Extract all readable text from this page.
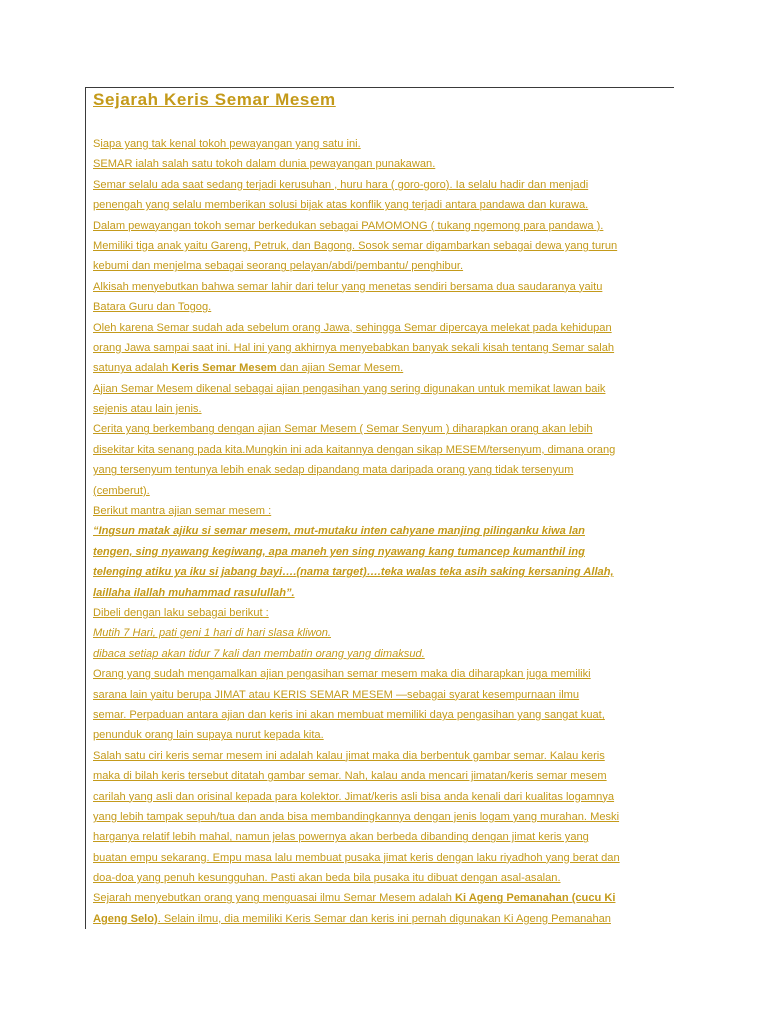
Sejarah Keris Semar Mesem
Siapa yang tak kenal tokoh pewayangan yang satu ini.
SEMAR ialah salah satu tokoh dalam dunia pewayangan punakawan.
Semar selalu ada saat sedang terjadi kerusuhan , huru hara ( goro-goro). Ia selalu hadir dan menjadi
penengah yang selalu memberikan solusi bijak atas konflik yang terjadi antara pandawa dan kurawa.
Dalam pewayangan tokoh semar berkedukan sebagai PAMOMONG ( tukang ngemong para pandawa ).
Memiliki tiga anak yaitu Gareng, Petruk, dan Bagong. Sosok semar digambarkan sebagai dewa yang turun
kebumi dan menjelma sebagai seorang pelayan/abdi/pembantu/ penghibur.
Alkisah menyebutkan bahwa semar lahir dari telur yang menetas sendiri bersama dua saudaranya yaitu
Batara Guru dan Togog.
Oleh karena Semar sudah ada sebelum orang Jawa, sehingga Semar dipercaya melekat pada kehidupan
orang Jawa sampai saat ini. Hal ini yang akhirnya menyebabkan banyak sekali kisah tentang Semar salah
satunya adalah Keris Semar Mesem dan ajian Semar Mesem.
Ajian Semar Mesem dikenal sebagai ajian pengasihan yang sering digunakan untuk memikat lawan baik
sejenis atau lain jenis.
Cerita yang berkembang dengan ajian Semar Mesem ( Semar Senyum ) diharapkan orang akan lebih
disekitar kita senang pada kita.Mungkin ini ada kaitannya dengan sikap MESEM/tersenyum, dimana orang
yang tersenyum tentunya lebih enak sedap dipandang mata daripada orang yang tidak tersenyum
(cemberut).
Berikut mantra ajian semar mesem :
“Ingsun matak ajiku si semar mesem, mut-mutaku inten cahyane manjing pilinganku kiwa lan
tengen, sing nyawang kegiwang, apa maneh yen sing nyawang kang tumancep kumanthil ing
telenging atiku ya iku si jabang bayi….(nama target)….teka walas teka asih saking kersaning Allah,
laillaha ilallah muhammad rasulullah”.
Dibeli dengan laku sebagai berikut :
Mutih 7 Hari, pati geni 1 hari di hari slasa kliwon.
dibaca setiap akan tidur 7 kali dan membatin orang yang dimaksud.
Orang yang sudah mengamalkan ajian pengasihan semar mesem maka dia diharapkan juga memiliki
sarana lain yaitu berupa JIMAT atau KERIS SEMAR MESEM —sebagai syarat kesempurnaan ilmu
semar. Perpaduan antara ajian dan keris ini akan membuat memiliki daya pengasihan yang sangat kuat,
penunduk orang lain supaya nurut kepada kita.
Salah satu ciri keris semar mesem ini adalah kalau jimat maka dia berbentuk gambar semar. Kalau keris
maka di bilah keris tersebut ditatah gambar semar. Nah, kalau anda mencari jimatan/keris semar mesem
carilah yang asli dan orisinal kepada para kolektor. Jimat/keris asli bisa anda kenali dari kualitas logamnya
yang lebih tampak sepuh/tua dan anda bisa membandingkannya dengan jenis logam yang murahan. Meski
harganya relatif lebih mahal, namun jelas powernya akan berbeda dibanding dengan jimat keris yang
buatan empu sekarang. Empu masa lalu membuat pusaka jimat keris dengan laku riyadhoh yang berat dan
doa-doa yang penuh kesungguhan. Pasti akan beda bila pusaka itu dibuat dengan asal-asalan.
Sejarah menyebutkan orang yang menguasai ilmu Semar Mesem adalah Ki Ageng Pemanahan (cucu Ki
Ageng Selo). Selain ilmu, dia memiliki Keris Semar dan keris ini pernah digunakan Ki Ageng Pemanahan
